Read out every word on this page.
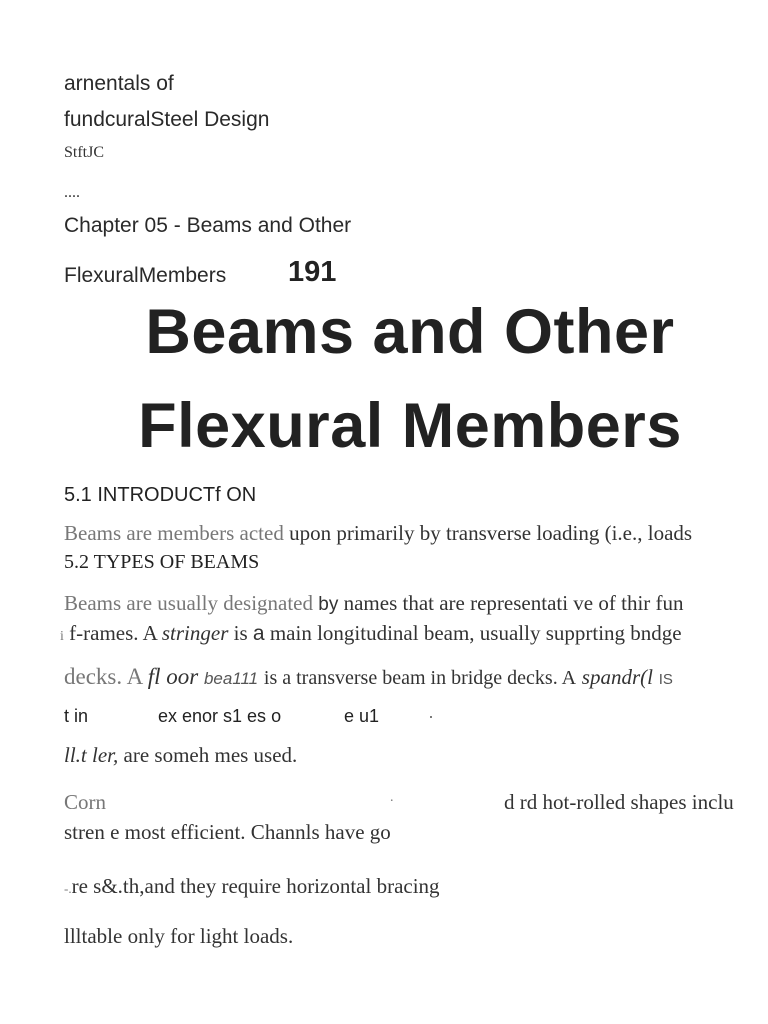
arnentals of
fundcuralSteel Design
StftJC
....
Chapter 05 - Beams and Other
FlexuralMembers 191
Beams and Other
Flexural Members
5.1 INTRODUCTf ON
Beams are members acted upon primarily by transverse loading (i.e., loads
5.2 TYPES OF BEAMS
Beams are usually designated by names that are representati ve of thir fun
i f-rames. A stringer is a main longitudinal beam, usually supprting bndge
decks. A fl oor bea111 is a transverse beam in bridge decks. A spandr(l IS
t in	ex enor s1 es o	e u1	·
ll.t ler, are someh mes used.
Corn	.	d rd hot-rolled shapes inclu
stren e most efficient. Channls have go
-.re s&.th,and they require horizontal bracing
llltable only for light loads.
